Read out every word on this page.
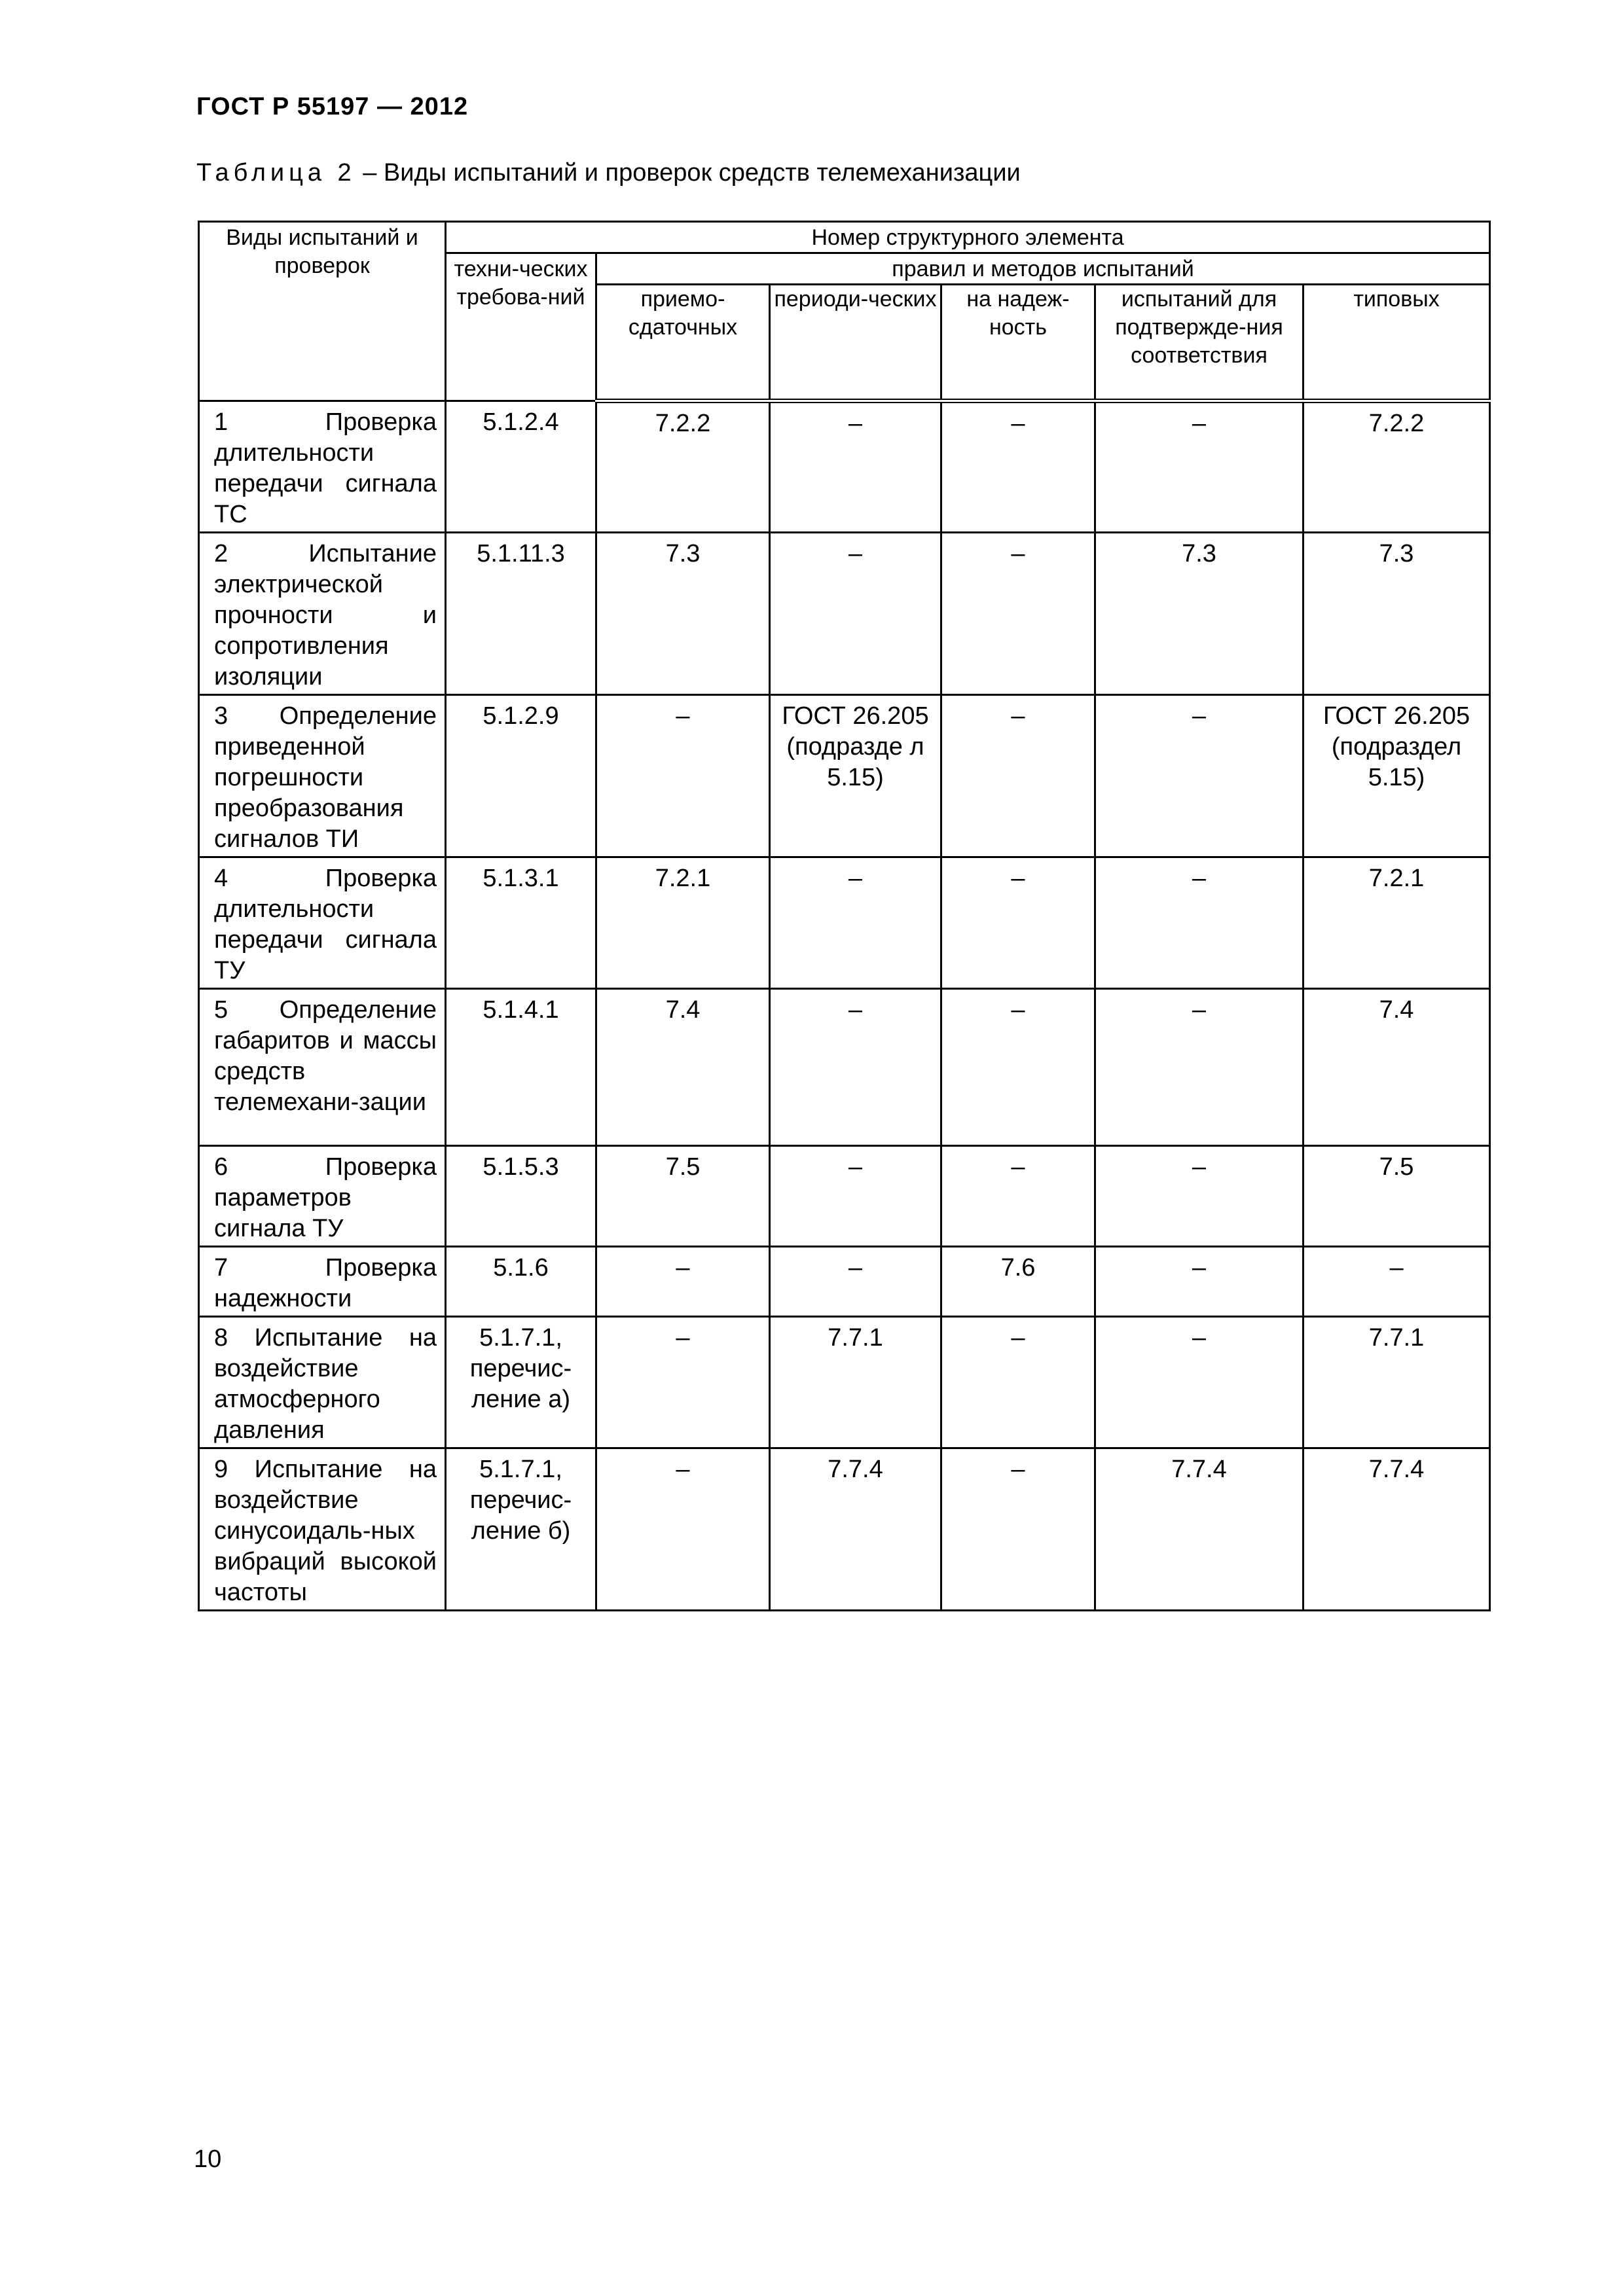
ГОСТ Р 55197 — 2012
Таблица 2 – Виды испытаний и проверок средств телемеханизации
Виды испытаний и проверок	Номер структурного элемента					
	техни-ческих требова-ний	правил и методов испытаний				
		приемо-сдаточных	периоди-ческих	на надеж-ность	испытаний для подтвержде-ния соответствия	типовых
1 Проверка длительности передачи сигнала ТС	5.1.2.4	7.2.2	–	–	–	7.2.2
2 Испытание электрической прочности и сопротивления изоляции	5.1.11.3	7.3	–	–	7.3	7.3
3 Определение приведенной погрешности преобразования сигналов ТИ	5.1.2.9	–	ГОСТ 26.205 (подразде л 5.15)	–	–	ГОСТ 26.205 (подраздел 5.15)
4 Проверка длительности передачи сигнала ТУ	5.1.3.1	7.2.1	–	–	–	7.2.1
5 Определение габаритов и массы средств телемехани-зации	5.1.4.1	7.4	–	–	–	7.4
6 Проверка параметров сигнала ТУ	5.1.5.3	7.5	–	–	–	7.5
7 Проверка надежности	5.1.6	–	–	7.6	–	–
8 Испытание на воздействие атмосферного давления	5.1.7.1, перечис-ление а)	–	7.7.1	–	–	7.7.1
9 Испытание на воздействие синусоидаль-ных вибраций высокой частоты	5.1.7.1, перечис-ление б)	–	7.7.4	–	7.7.4	7.7.4
10
